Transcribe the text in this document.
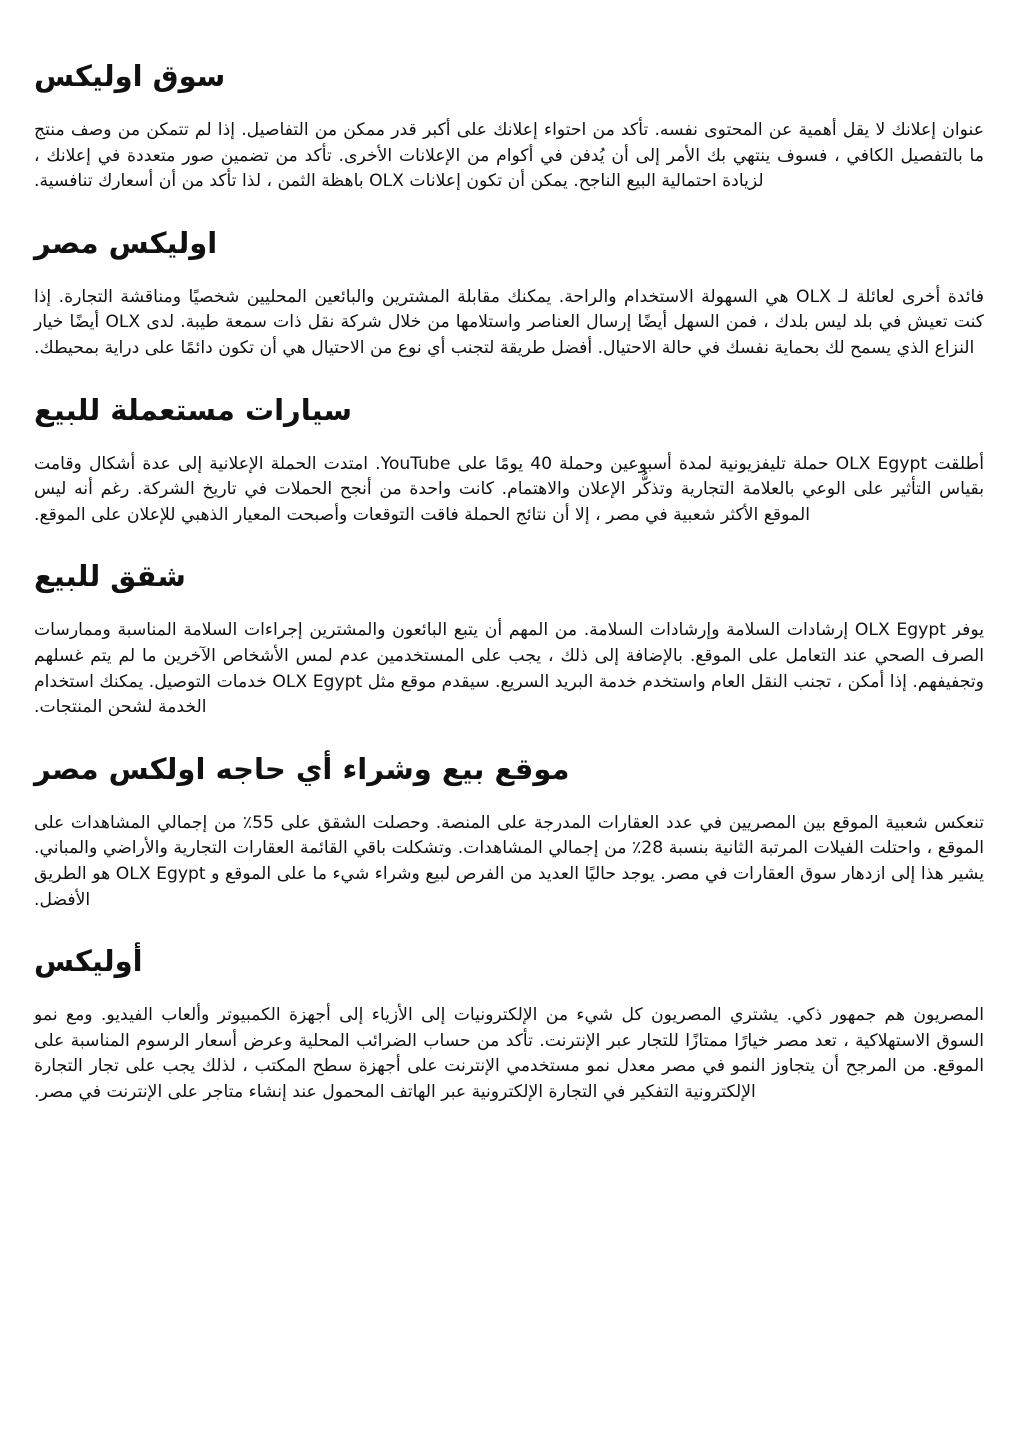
سوق اوليكس

عنوان إعلانك لا يقل أهمية عن المحتوى نفسه. تأكد من احتواء إعلانك على أكبر قدر ممكن من التفاصيل. إذا لم تتمكن من وصف منتج ما بالتفصيل الكافي ، فسوف ينتهي بك الأمر إلى أن يُدفن في أكوام من الإعلانات الأخرى. تأكد من تضمين صور متعددة في إعلانك ، لزيادة احتمالية البيع الناجح. يمكن أن تكون إعلانات OLX باهظة الثمن ، لذا تأكد من أن أسعارك تنافسية.

اوليكس مصر

فائدة أخرى لعائلة لـ OLX هي السهولة الاستخدام والراحة. يمكنك مقابلة المشترين والبائعين المحليين شخصيًا ومناقشة التجارة. إذا كنت تعيش في بلد ليس بلدك ، فمن السهل أيضًا إرسال العناصر واستلامها من خلال شركة نقل ذات سمعة طيبة. لدى OLX أيضًا خيار النزاع الذي يسمح لك بحماية نفسك في حالة الاحتيال. أفضل طريقة لتجنب أي نوع من الاحتيال هي أن تكون دائمًا على دراية بمحيطك.

سيارات مستعملة للبيع

أطلقت OLX Egypt حملة تليفزيونية لمدة أسبوعين وحملة 40 يومًا على YouTube. امتدت الحملة الإعلانية إلى عدة أشكال وقامت بقياس التأثير على الوعي بالعلامة التجارية وتذكُّر الإعلان والاهتمام. كانت واحدة من أنجح الحملات في تاريخ الشركة. رغم أنه ليس الموقع الأكثر شعبية في مصر ، إلا أن نتائج الحملة فاقت التوقعات وأصبحت المعيار الذهبي للإعلان على الموقع.

شقق للبيع

يوفر OLX Egypt إرشادات السلامة وإرشادات السلامة. من المهم أن يتبع البائعون والمشترين إجراءات السلامة المناسبة وممارسات الصرف الصحي عند التعامل على الموقع. بالإضافة إلى ذلك ، يجب على المستخدمين عدم لمس الأشخاص الآخرين ما لم يتم غسلهم وتجفيفهم. إذا أمكن ، تجنب النقل العام واستخدم خدمة البريد السريع. سيقدم موقع مثل OLX Egypt خدمات التوصيل. يمكنك استخدام الخدمة لشحن المنتجات.

موقع بيع وشراء أي حاجه اولكس مصر

تنعكس شعبية الموقع بين المصريين في عدد العقارات المدرجة على المنصة. وحصلت الشقق على 55٪ من إجمالي المشاهدات على الموقع ، واحتلت الفيلات المرتبة الثانية بنسبة 28٪ من إجمالي المشاهدات. وتشكلت باقي القائمة العقارات التجارية والأراضي والمباني. يشير هذا إلى ازدهار سوق العقارات في مصر. يوجد حاليًا العديد من الفرص لبيع وشراء شيء ما على الموقع و OLX Egypt هو الطريق الأفضل.

أوليكس

المصريون هم جمهور ذكي. يشتري المصريون كل شيء من الإلكترونيات إلى الأزياء إلى أجهزة الكمبيوتر وألعاب الفيديو. ومع نمو السوق الاستهلاكية ، تعد مصر خيارًا ممتازًا للتجار عبر الإنترنت. تأكد من حساب الضرائب المحلية وعرض أسعار الرسوم المناسبة على الموقع. من المرجح أن يتجاوز النمو في مصر معدل نمو مستخدمي الإنترنت على أجهزة سطح المكتب ، لذلك يجب على تجار التجارة الإلكترونية التفكير في التجارة الإلكترونية عبر الهاتف المحمول عند إنشاء متاجر على الإنترنت في مصر.
